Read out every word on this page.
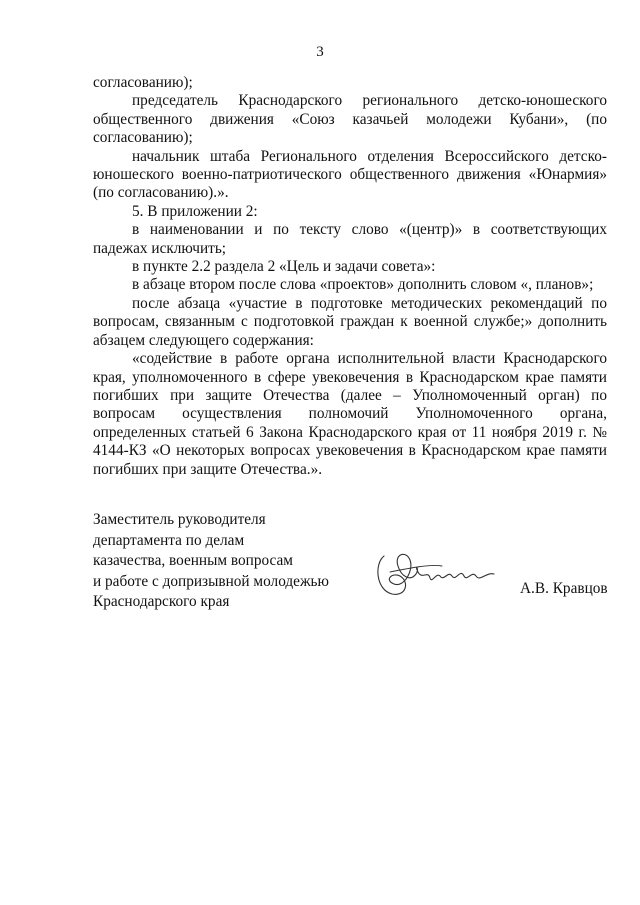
3

согласованию);

председатель Краснодарского регионального детско-юношеского общественного движения «Союз казачьей молодежи Кубани», (по согласованию);

начальник штаба Регионального отделения Всероссийского детско-юношеского военно-патриотического общественного движения «Юнармия» (по согласованию).».

5. В приложении 2:

в наименовании и по тексту слово «(центр)» в соответствующих падежах исключить;

в пункте 2.2 раздела 2 «Цель и задачи совета»:

в абзаце втором после слова «проектов» дополнить словом «, планов»;

после абзаца «участие в подготовке методических рекомендаций по вопросам, связанным с подготовкой граждан к военной службе;» дополнить абзацем следующего содержания:

«содействие в работе органа исполнительной власти Краснодарского края, уполномоченного в сфере увековечения в Краснодарском крае памяти погибших при защите Отечества (далее – Уполномоченный орган) по вопросам осуществления полномочий Уполномоченного органа, определенных статьей 6 Закона Краснодарского края от 11 ноября 2019 г. № 4144-КЗ «О некоторых вопросах увековечения в Краснодарском крае памяти погибших при защите Отечества.».

Заместитель руководителя
департамента по делам
казачества, военным вопросам
и работе с допризывной молодежью
Краснодарского края
А.В. Кравцов
